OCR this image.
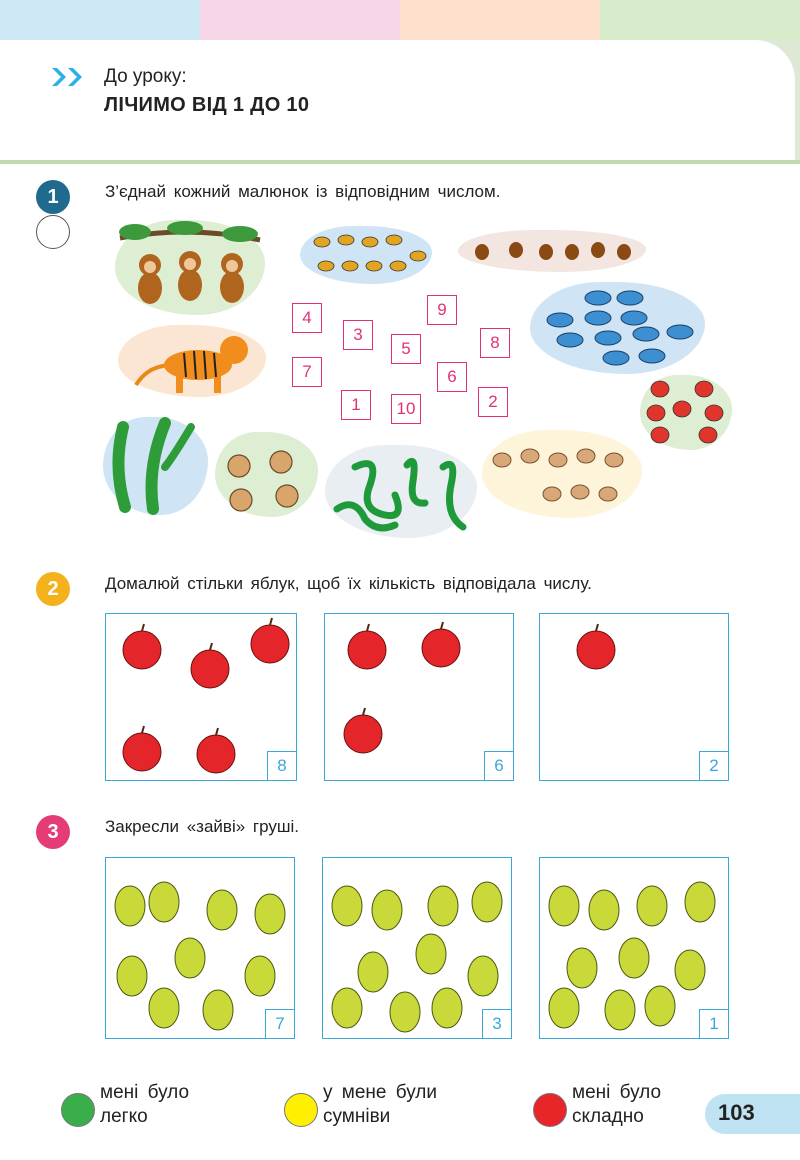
До уроку:
ЛІЧИМО ВІД 1 ДО 10
1	З’єднай кожний малюнок із відповідним числом.
4
3
9
5	8
7	6
1	10	2
2	Домалюй стільки яблук, щоб їх кількість відповідала числу.
8	6	2
3	Закресли «зайві» груші.
7	3	1
мені було
легко
у мене були
сумніви
мені було
складно	103
